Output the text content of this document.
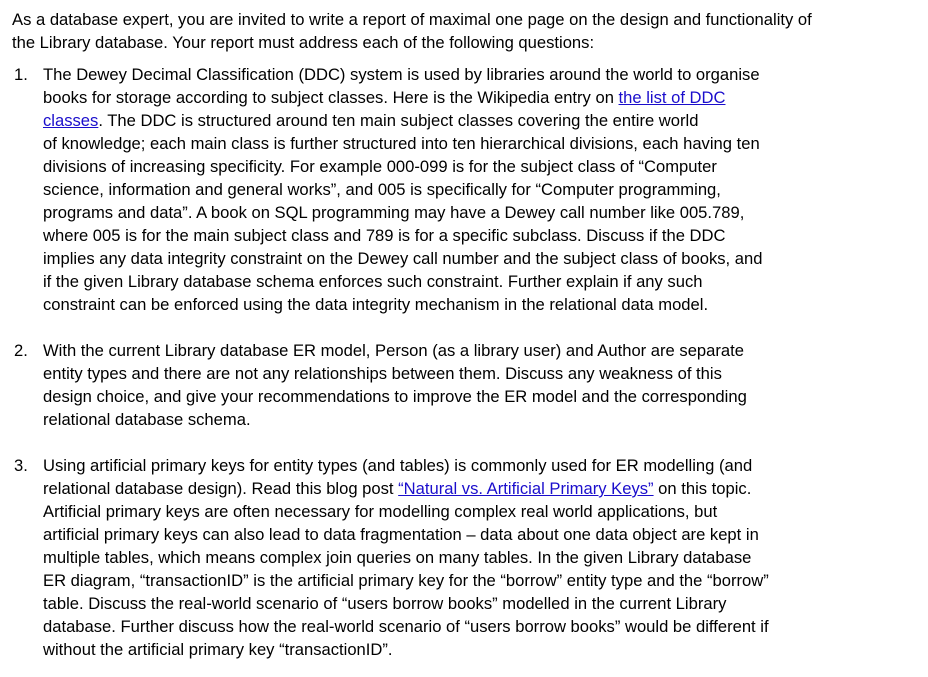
As a database expert, you are invited to write a report of maximal one page on the design and functionality of
the Library database. Your report must address each of the following questions:

1. The Dewey Decimal Classification (DDC) system is used by libraries around the world to organise
books for storage according to subject classes. Here is the Wikipedia entry on the list of DDC
classes. The DDC is structured around ten main subject classes covering the entire world
of knowledge; each main class is further structured into ten hierarchical divisions, each having ten
divisions of increasing specificity. For example 000-099 is for the subject class of “Computer
science, information and general works”, and 005 is specifically for “Computer programming,
programs and data”. A book on SQL programming may have a Dewey call number like 005.789,
where 005 is for the main subject class and 789 is for a specific subclass. Discuss if the DDC
implies any data integrity constraint on the Dewey call number and the subject class of books, and
if the given Library database schema enforces such constraint. Further explain if any such
constraint can be enforced using the data integrity mechanism in the relational data model.
2. With the current Library database ER model, Person (as a library user) and Author are separate
entity types and there are not any relationships between them. Discuss any weakness of this
design choice, and give your recommendations to improve the ER model and the corresponding
relational database schema.
3. Using artificial primary keys for entity types (and tables) is commonly used for ER modelling (and
relational database design). Read this blog post “Natural vs. Artificial Primary Keys” on this topic.
Artificial primary keys are often necessary for modelling complex real world applications, but
artificial primary keys can also lead to data fragmentation – data about one data object are kept in
multiple tables, which means complex join queries on many tables. In the given Library database
ER diagram, “transactionID” is the artificial primary key for the “borrow” entity type and the “borrow”
table. Discuss the real-world scenario of “users borrow books” modelled in the current Library
database. Further discuss how the real-world scenario of “users borrow books” would be different if
without the artificial primary key “transactionID”.
